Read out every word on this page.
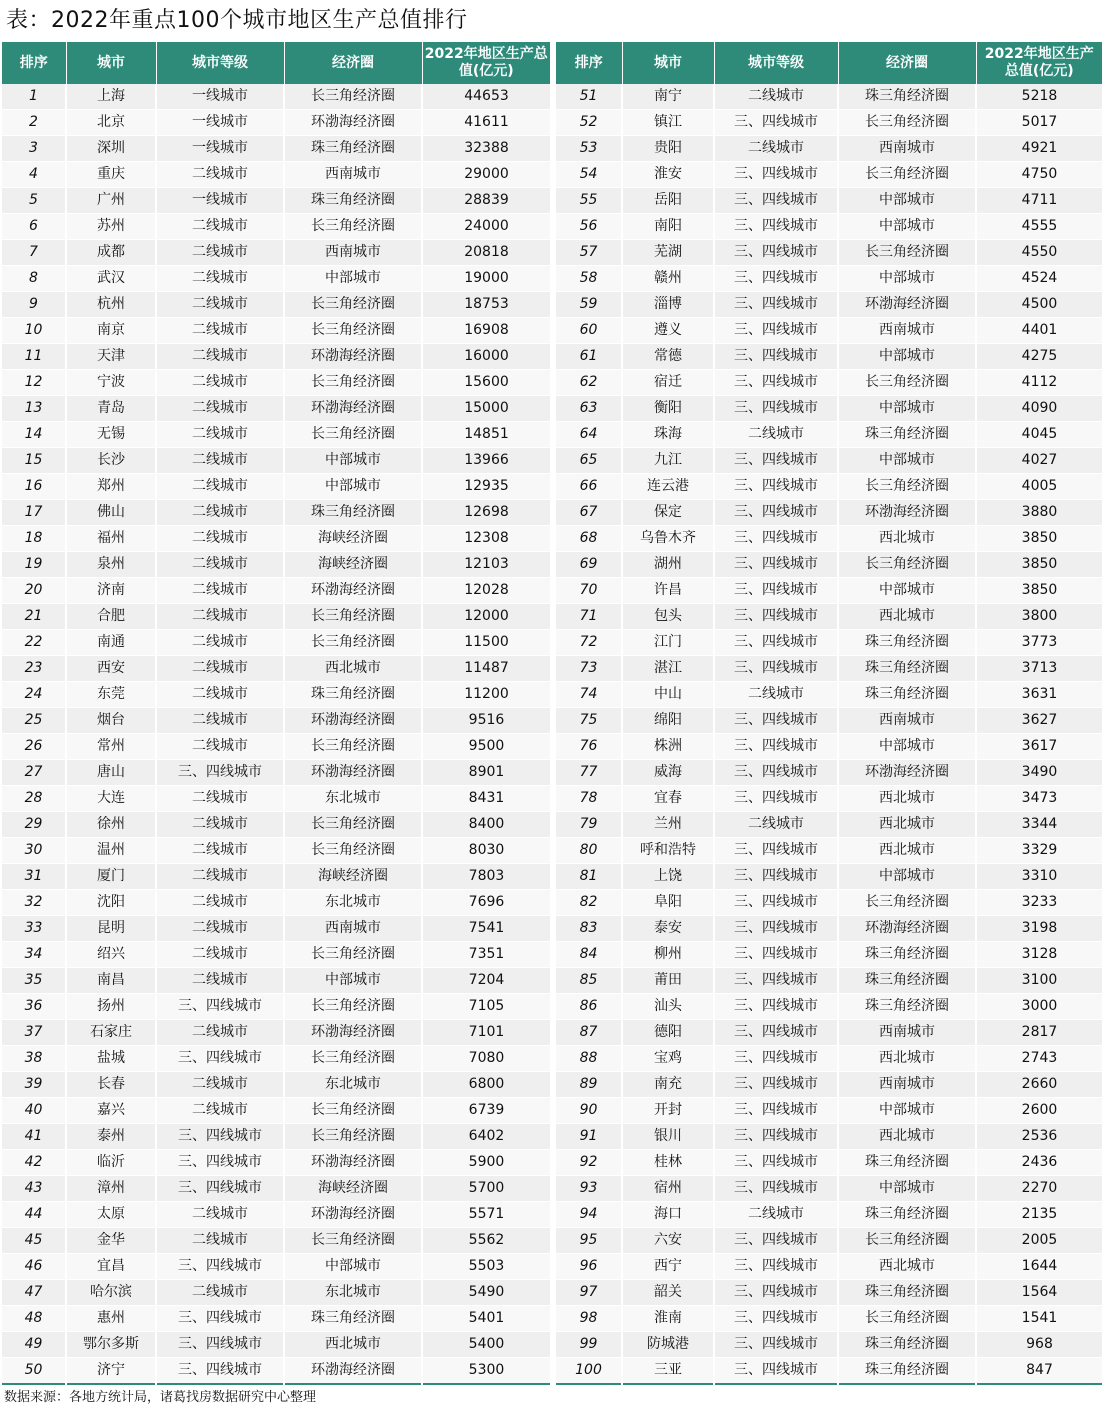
表：2022年重点100个城市地区生产总值排行
排序	城市	城市等级	经济圈	2022年地区生产总值(亿元)
1	上海	一线城市	长三角经济圈	44653
2	北京	一线城市	环渤海经济圈	41611
3	深圳	一线城市	珠三角经济圈	32388
4	重庆	二线城市	西南城市	29000
5	广州	一线城市	珠三角经济圈	28839
6	苏州	二线城市	长三角经济圈	24000
7	成都	二线城市	西南城市	20818
8	武汉	二线城市	中部城市	19000
9	杭州	二线城市	长三角经济圈	18753
10	南京	二线城市	长三角经济圈	16908
11	天津	二线城市	环渤海经济圈	16000
12	宁波	二线城市	长三角经济圈	15600
13	青岛	二线城市	环渤海经济圈	15000
14	无锡	二线城市	长三角经济圈	14851
15	长沙	二线城市	中部城市	13966
16	郑州	二线城市	中部城市	12935
17	佛山	二线城市	珠三角经济圈	12698
18	福州	二线城市	海峡经济圈	12308
19	泉州	二线城市	海峡经济圈	12103
20	济南	二线城市	环渤海经济圈	12028
21	合肥	二线城市	长三角经济圈	12000
22	南通	二线城市	长三角经济圈	11500
23	西安	二线城市	西北城市	11487
24	东莞	二线城市	珠三角经济圈	11200
25	烟台	二线城市	环渤海经济圈	9516
26	常州	二线城市	长三角经济圈	9500
27	唐山	三、四线城市	环渤海经济圈	8901
28	大连	二线城市	东北城市	8431
29	徐州	二线城市	长三角经济圈	8400
30	温州	二线城市	长三角经济圈	8030
31	厦门	二线城市	海峡经济圈	7803
32	沈阳	二线城市	东北城市	7696
33	昆明	二线城市	西南城市	7541
34	绍兴	二线城市	长三角经济圈	7351
35	南昌	二线城市	中部城市	7204
36	扬州	三、四线城市	长三角经济圈	7105
37	石家庄	二线城市	环渤海经济圈	7101
38	盐城	三、四线城市	长三角经济圈	7080
39	长春	二线城市	东北城市	6800
40	嘉兴	二线城市	长三角经济圈	6739
41	泰州	三、四线城市	长三角经济圈	6402
42	临沂	三、四线城市	环渤海经济圈	5900
43	漳州	三、四线城市	海峡经济圈	5700
44	太原	二线城市	环渤海经济圈	5571
45	金华	二线城市	长三角经济圈	5562
46	宜昌	三、四线城市	中部城市	5503
47	哈尔滨	二线城市	东北城市	5490
48	惠州	三、四线城市	珠三角经济圈	5401
49	鄂尔多斯	三、四线城市	西北城市	5400
50	济宁	三、四线城市	环渤海经济圈	5300
排序	城市	城市等级	经济圈	2022年地区生产总值(亿元)
51	南宁	二线城市	珠三角经济圈	5218
52	镇江	三、四线城市	长三角经济圈	5017
53	贵阳	二线城市	西南城市	4921
54	淮安	三、四线城市	长三角经济圈	4750
55	岳阳	三、四线城市	中部城市	4711
56	南阳	三、四线城市	中部城市	4555
57	芜湖	三、四线城市	长三角经济圈	4550
58	赣州	三、四线城市	中部城市	4524
59	淄博	三、四线城市	环渤海经济圈	4500
60	遵义	三、四线城市	西南城市	4401
61	常德	三、四线城市	中部城市	4275
62	宿迁	三、四线城市	长三角经济圈	4112
63	衡阳	三、四线城市	中部城市	4090
64	珠海	二线城市	珠三角经济圈	4045
65	九江	三、四线城市	中部城市	4027
66	连云港	三、四线城市	长三角经济圈	4005
67	保定	三、四线城市	环渤海经济圈	3880
68	乌鲁木齐	三、四线城市	西北城市	3850
69	湖州	三、四线城市	长三角经济圈	3850
70	许昌	三、四线城市	中部城市	3850
71	包头	三、四线城市	西北城市	3800
72	江门	三、四线城市	珠三角经济圈	3773
73	湛江	三、四线城市	珠三角经济圈	3713
74	中山	二线城市	珠三角经济圈	3631
75	绵阳	三、四线城市	西南城市	3627
76	株洲	三、四线城市	中部城市	3617
77	威海	三、四线城市	环渤海经济圈	3490
78	宜春	三、四线城市	西北城市	3473
79	兰州	二线城市	西北城市	3344
80	呼和浩特	三、四线城市	西北城市	3329
81	上饶	三、四线城市	中部城市	3310
82	阜阳	三、四线城市	长三角经济圈	3233
83	泰安	三、四线城市	环渤海经济圈	3198
84	柳州	三、四线城市	珠三角经济圈	3128
85	莆田	三、四线城市	珠三角经济圈	3100
86	汕头	三、四线城市	珠三角经济圈	3000
87	德阳	三、四线城市	西南城市	2817
88	宝鸡	三、四线城市	西北城市	2743
89	南充	三、四线城市	西南城市	2660
90	开封	三、四线城市	中部城市	2600
91	银川	三、四线城市	西北城市	2536
92	桂林	三、四线城市	珠三角经济圈	2436
93	宿州	三、四线城市	中部城市	2270
94	海口	二线城市	珠三角经济圈	2135
95	六安	三、四线城市	长三角经济圈	2005
96	西宁	三、四线城市	西北城市	1644
97	韶关	三、四线城市	珠三角经济圈	1564
98	淮南	三、四线城市	长三角经济圈	1541
99	防城港	三、四线城市	珠三角经济圈	968
100	三亚	三、四线城市	珠三角经济圈	847
数据来源：各地方统计局，诸葛找房数据研究中心整理
